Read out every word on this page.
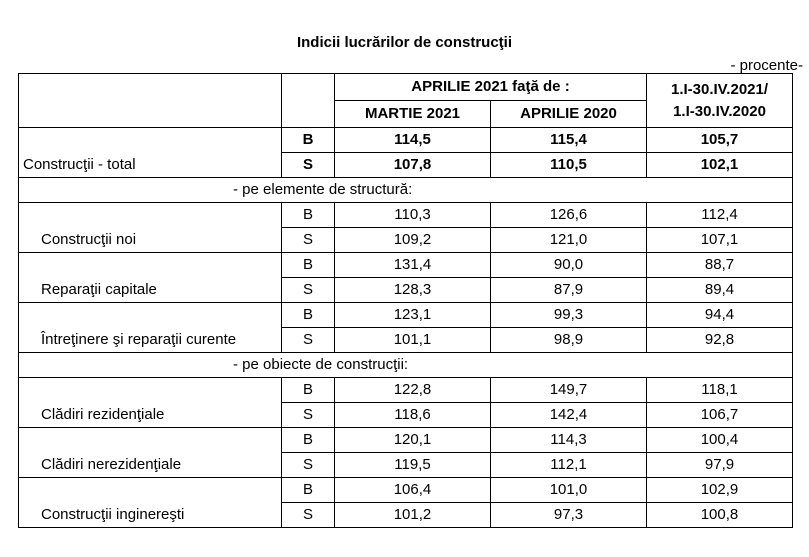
Indicii lucrărilor de construcţii
- procente-
		APRILIE 2021 faţă de :		1.I-30.IV.2021/
1.I-30.IV.2020

		MARTIE 2021	APRILIE 2020	
Construcţii - total	B	114,5	115,4	105,7
	S	107,8	110,5	102,1
- pe elemente de structură:				
Construcţii noi	B	110,3	126,6	112,4
	S	109,2	121,0	107,1
Reparaţii capitale	B	131,4	90,0	88,7
	S	128,3	87,9	89,4
Întreţinere şi reparaţii curente	B	123,1	99,3	94,4
	S	101,1	98,9	92,8
- pe obiecte de construcţii:				
Clădiri rezidenţiale	B	122,8	149,7	118,1
	S	118,6	142,4	106,7
Clădiri nerezidenţiale	B	120,1	114,3	100,4
	S	119,5	112,1	97,9
Construcţii inginereşti	B	106,4	101,0	102,9
	S	101,2	97,3	100,8
